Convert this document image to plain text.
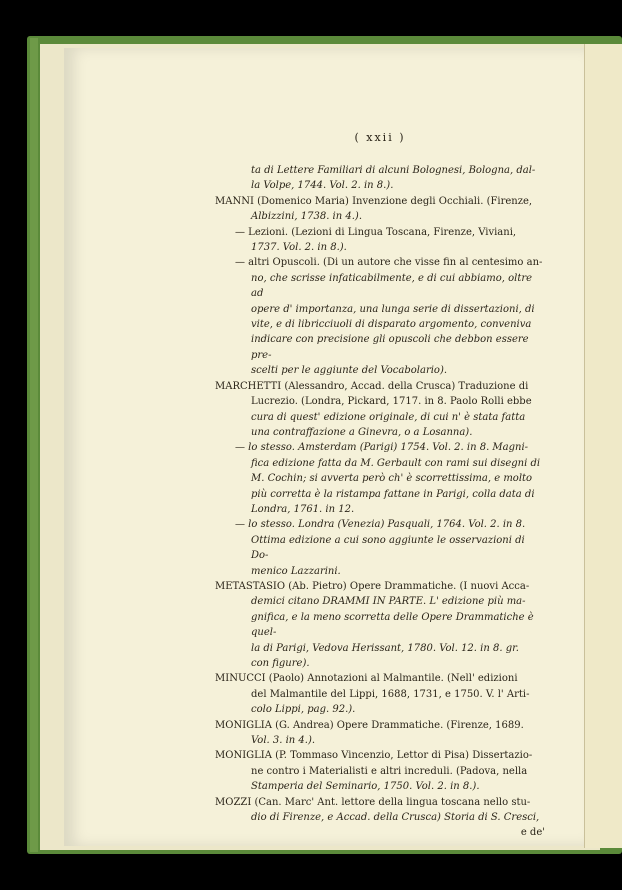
( xxii )

ta di Lettere Familiari di alcuni Bolognesi, Bologna, dal-

la Volpe, 1744. Vol. 2. in 8.).

MANNI (Domenico Maria) Invenzione degli Occhiali. (Firenze,

Albizzini, 1738. in 4.).

— Lezioni. (Lezioni di Lingua Toscana, Firenze, Viviani,

1737. Vol. 2. in 8.).

— altri Opuscoli. (Di un autore che visse fin al centesimo an-

no, che scrisse infaticabilmente, e di cui abbiamo, oltre ad

opere d' importanza, una lunga serie di dissertazioni, di

vite, e di libricciuoli di disparato argomento, conveniva

indicare con precisione gli opuscoli che debbon essere pre-

scelti per le aggiunte del Vocabolario).

MARCHETTI (Alessandro, Accad. della Crusca) Traduzione di

Lucrezio. (Londra, Pickard, 1717. in 8. Paolo Rolli ebbe

cura di quest' edizione originale, di cui n' è stata fatta

una contraffazione a Ginevra, o a Losanna).

— lo stesso. Amsterdam (Parigi) 1754. Vol. 2. in 8. Magni-

fica edizione fatta da M. Gerbault con rami sui disegni di

M. Cochin; si avverta però ch' è scorrettissima, e molto

più corretta è la ristampa fattane in Parigi, colla data di

Londra, 1761. in 12.

— lo stesso. Londra (Venezia) Pasquali, 1764. Vol. 2. in 8.

Ottima edizione a cui sono aggiunte le osservazioni di Do-

menico Lazzarini.

METASTASIO (Ab. Pietro) Opere Drammatiche. (I nuovi Acca-

demici citano DRAMMI IN PARTE. L' edizione più ma-

gnifica, e la meno scorretta delle Opere Drammatiche è quel-

la di Parigi, Vedova Herissant, 1780. Vol. 12. in 8. gr.

con figure).

MINUCCI (Paolo) Annotazioni al Malmantile. (Nell' edizioni

del Malmantile del Lippi, 1688, 1731, e 1750. V. l' Arti-

colo Lippi, pag. 92.).

MONIGLIA (G. Andrea) Opere Drammatiche. (Firenze, 1689.

Vol. 3. in 4.).

MONIGLIA (P. Tommaso Vincenzio, Lettor di Pisa) Dissertazio-

ne contro i Materialisti e altri increduli. (Padova, nella

Stamperia del Seminario, 1750. Vol. 2. in 8.).

MOZZI (Can. Marc' Ant. lettore della lingua toscana nello stu-

dio di Firenze, e Accad. della Crusca) Storia di S. Cresci,

e de'
